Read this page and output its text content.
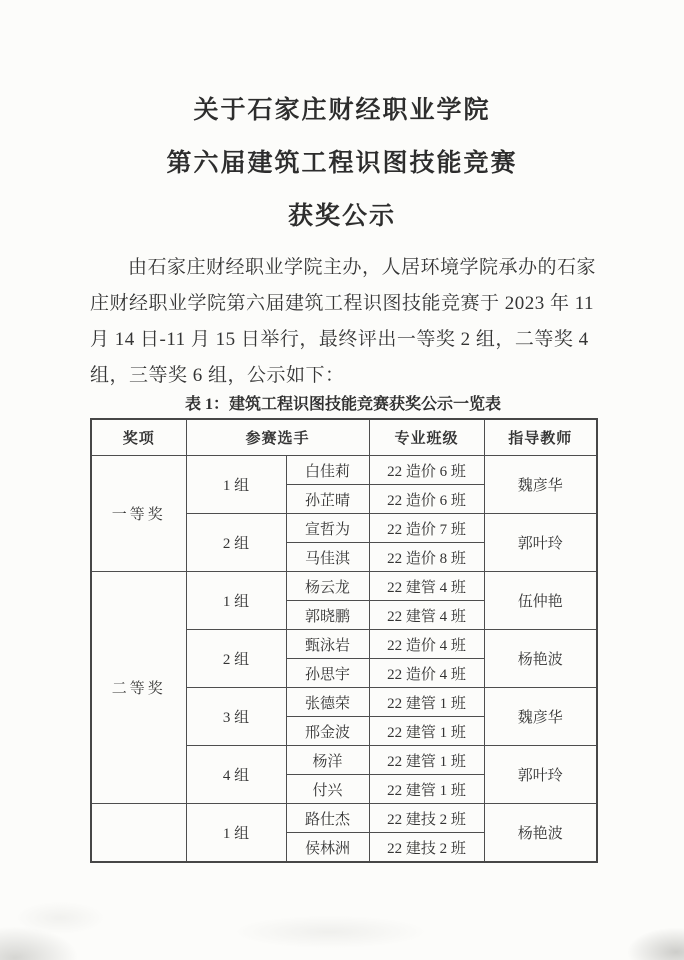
关于石家庄财经职业学院
第六届建筑工程识图技能竞赛
获奖公示
由石家庄财经职业学院主办，人居环境学院承办的石家
庄财经职业学院第六届建筑工程识图技能竞赛于 2023 年 11
月 14 日-11 月 15 日举行，最终评出一等奖 2 组，二等奖 4
组，三等奖 6 组，公示如下：
表 1：建筑工程识图技能竞赛获奖公示一览表
奖项	参赛选手		专业班级	指导教师
一等奖	1 组	白佳莉	22 造价 6 班	魏彦华
		孙芷晴	22 造价 6 班	
	2 组	宣哲为	22 造价 7 班	郭叶玲
		马佳淇	22 造价 8 班	
二等奖	1 组	杨云龙	22 建管 4 班	伍仲艳
		郭晓鹏	22 建管 4 班	
	2 组	甄泳岩	22 造价 4 班	杨艳波
		孙思宇	22 造价 4 班	
	3 组	张德荣	22 建管 1 班	魏彦华
		邢金波	22 建管 1 班	
	4 组	杨洋	22 建管 1 班	郭叶玲
		付兴	22 建管 1 班	
	1 组	路仕杰	22 建技 2 班	杨艳波
		侯林洲	22 建技 2 班	
